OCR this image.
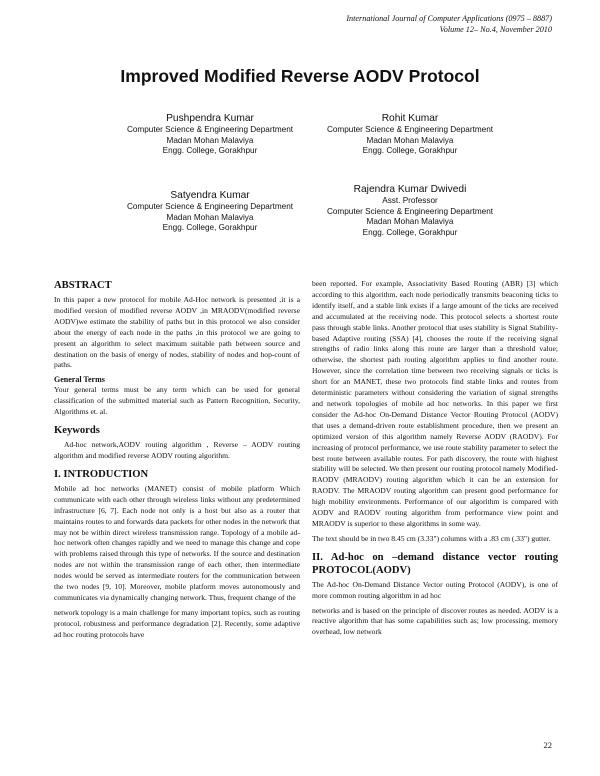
International Journal of Computer Applications (0975 – 8887)
Volume 12– No.4, November 2010
Improved Modified Reverse AODV Protocol
Pushpendra Kumar
Computer Science & Engineering Department
Madan Mohan Malaviya
Engg. College, Gorakhpur
Rohit Kumar
Computer Science & Engineering Department
Madan Mohan Malaviya
Engg. College, Gorakhpur
Satyendra Kumar
Computer Science & Engineering Department
Madan Mohan Malaviya
Engg. College, Gorakhpur
Rajendra Kumar Dwivedi
Asst. Professor
Computer Science & Engineering Department
Madan Mohan Malaviya
Engg. College, Gorakhpur
ABSTRACT

In this paper a new protocol for mobile Ad-Hoc network is presented ,it is a modified version of modified reverse AODV ,in MRAODV(modified reverse AODV)we estimate the stability of paths but in this protocol we also consider about the energy of each node in the paths ,in this protocol we are going to present an algorithm to select maximum suitable path between source and destination on the basis of energy of nodes, stability of nodes and hop-count of paths.

General Terms

Your general terms must be any term which can be used for general classification of the submitted material such as Pattern Recognition, Security, Algorithms et. al.

Keywords

Ad-hoc network,AODV routing algorithm , Reverse – AODV routing algorithm and modified reverse AODV routing algorithm.

I. INTRODUCTION

Mobile ad hoc networks (MANET) consist of mobile platform Which communicate with each other through wireless links without any predetermined infrastructure [6, 7]. Each node not only is a host but also as a router that maintains routes to and forwards data packets for other nodes in the network that may not be within direct wireless transmission range. Topology of a mobile ad-hoc network often changes rapidly and we need to manage this change and cope with problems raised through this type of networks. If the source and destination nodes are not within the transmission range of each other, then intermediate nodes would be served as intermediate routers for the communication between the two nodes [9, 10]. Moreover, mobile platform moves autonomously and communicates via dynamically changing network. Thus, frequent change of the

network topology is a main challenge for many important topics, such as routing protocol, robustness and performance degradation [2]. Recently, some adaptive ad hoc routing protocols have

been reported. For example, Associativity Based Routing (ABR) [3] which according to this algorithm, each node periodically transmits beaconing ticks to identify itself, and a stable link exists if a large amount of the ticks are received and accumulated at the receiving node. This protocol selects a shortest route pass through stable links. Another protocol that uses stability is Signal Stability-based Adaptive routing (SSA) [4], chooses the route if the receiving signal strengths of radio links along this route are larger than a threshold value; otherwise, the shortest path routing algorithm applies to find another route. However, since the correlation time between two receiving signals or ticks is short for an MANET, these two protocols find stable links and routes from deterministic parameters without considering the variation of signal strengths and network topologies of mobile ad hoc networks. In this paper we first consider the Ad-hoc On-Demand Distance Vector Routing Protocol (AODV) that uses a demand-driven route establishment procedure, then we present an optimized version of this algorithm namely Reverse AODV (RAODV). For increasing of protocol performance, we use route stability parameter to select the best route between available routes. For path discovery, the route with highest stability will be selected. We then present our routing protocol namely Modified-RAODV (MRAODV) routing algorithm which it can be an extension for RAODV. The MRAODV routing algorithm can present good performance for high mobility environments. Performance of our algorithm is compared with AODV and RAODV routing algorithm from performance view point and MRAODV is superior to these algorithms in some way.

The text should be in two 8.45 cm (3.33") columns with a .83 cm (.33") gutter.

II. Ad-hoc on –demand distance vector routing PROTOCOL(AODV)

The Ad-hoc On-Demand Distance Vector outing Protocol (AODV), is one of more common routing algorithm in ad hoc

networks and is based on the principle of discover routes as needed. AODV is a reactive algorithm that has some capabilities such as; low processing, memory overhead, low network

22
